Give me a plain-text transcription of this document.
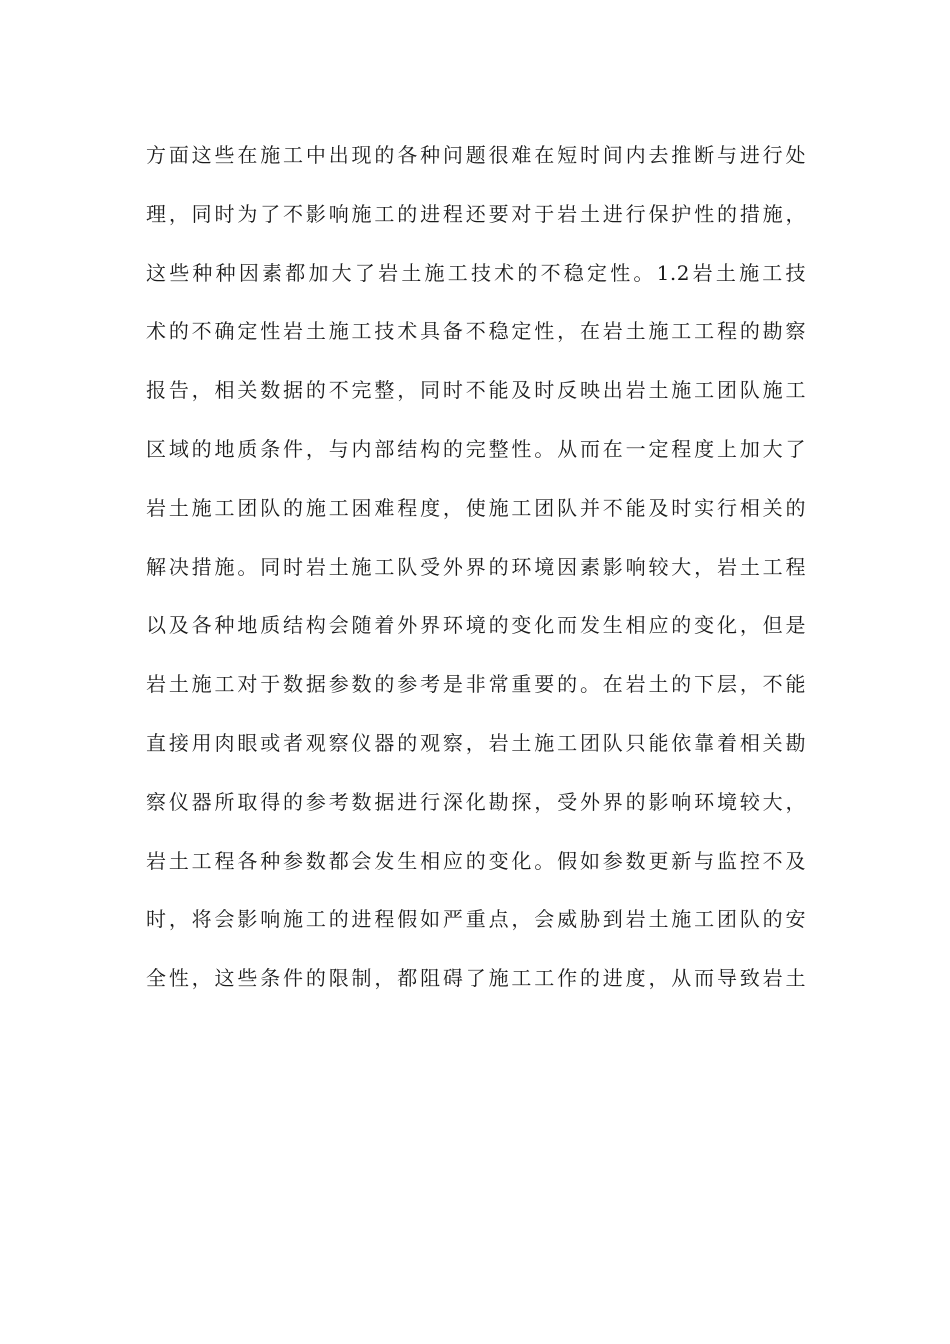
方面这些在施工中出现的各种问题很难在短时间内去推断与进行处
理，同时为了不影响施工的进程还要对于岩土进行保护性的措施，
这些种种因素都加大了岩土施工技术的不稳定性。1.2岩土施工技
术的不确定性岩土施工技术具备不稳定性，在岩土施工工程的勘察
报告，相关数据的不完整，同时不能及时反映出岩土施工团队施工
区域的地质条件，与内部结构的完整性。从而在一定程度上加大了
岩土施工团队的施工困难程度，使施工团队并不能及时实行相关的
解决措施。同时岩土施工队受外界的环境因素影响较大，岩土工程
以及各种地质结构会随着外界环境的变化而发生相应的变化，但是
岩土施工对于数据参数的参考是非常重要的。在岩土的下层，不能
直接用肉眼或者观察仪器的观察，岩土施工团队只能依靠着相关勘
察仪器所取得的参考数据进行深化勘探，受外界的影响环境较大，
岩土工程各种参数都会发生相应的变化。假如参数更新与监控不及
时，将会影响施工的进程假如严重点，会威胁到岩土施工团队的安
全性，这些条件的限制，都阻碍了施工工作的进度，从而导致岩土
